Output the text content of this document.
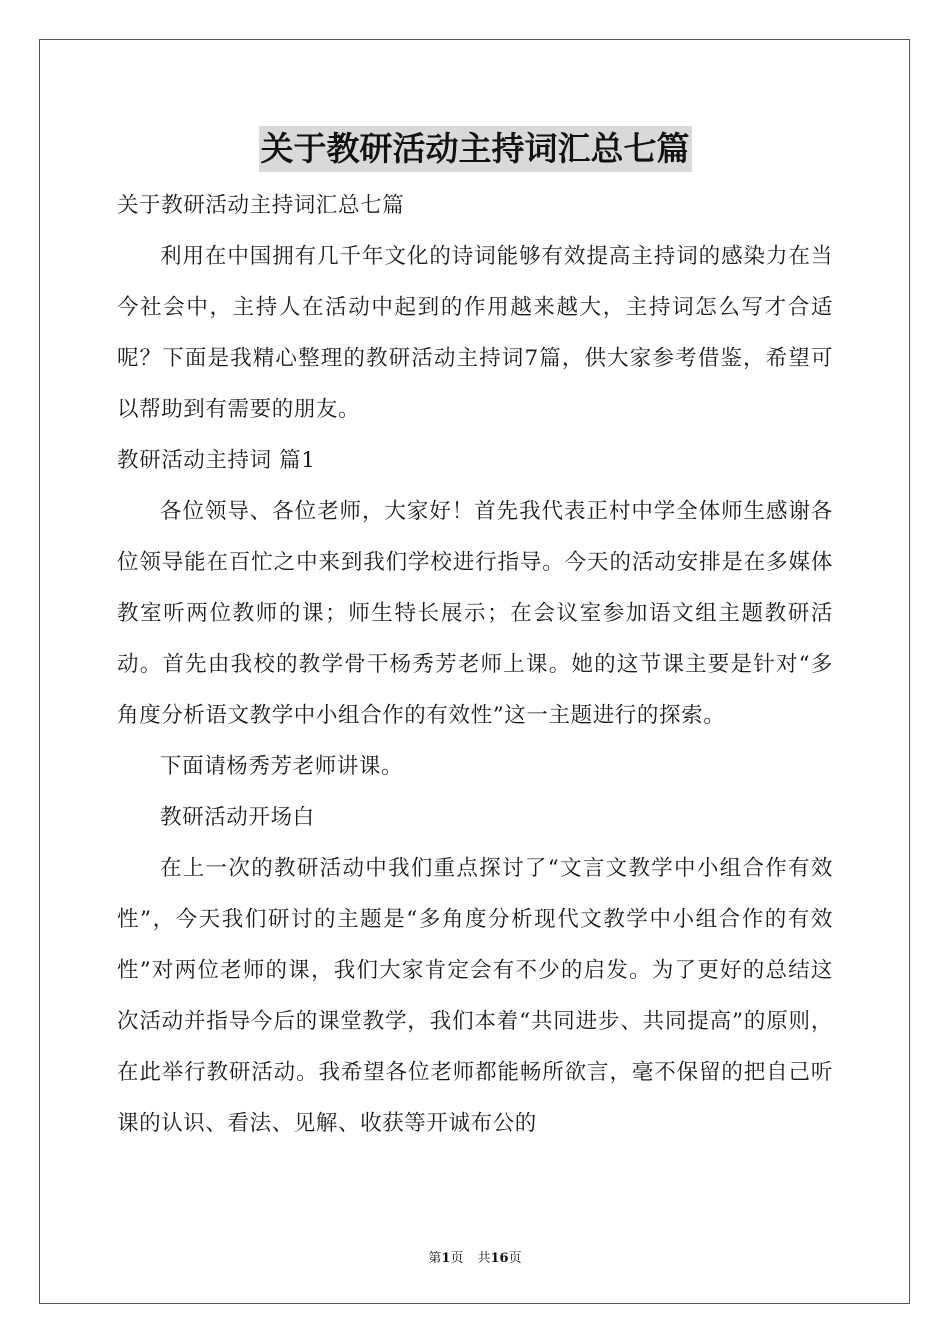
关于教研活动主持词汇总七篇
关于教研活动主持词汇总七篇
利用在中国拥有几千年文化的诗词能够有效提高主持词的感染力在当今社会中，主持人在活动中起到的作用越来越大，主持词怎么写才合适呢？下面是我精心整理的教研活动主持词7篇，供大家参考借鉴，希望可以帮助到有需要的朋友。
教研活动主持词 篇1
各位领导、各位老师，大家好！首先我代表正村中学全体师生感谢各位领导能在百忙之中来到我们学校进行指导。今天的活动安排是在多媒体教室听两位教师的课；师生特长展示；在会议室参加语文组主题教研活动。首先由我校的教学骨干杨秀芳老师上课。她的这节课主要是针对“多角度分析语文教学中小组合作的有效性”这一主题进行的探索。
下面请杨秀芳老师讲课。
教研活动开场白
在上一次的教研活动中我们重点探讨了“文言文教学中小组合作有效性”，今天我们研讨的主题是“多角度分析现代文教学中小组合作的有效性”对两位老师的课，我们大家肯定会有不少的启发。为了更好的总结这次活动并指导今后的课堂教学，我们本着“共同进步、共同提高”的原则，在此举行教研活动。我希望各位老师都能畅所欲言，毫不保留的把自己听课的认识、看法、见解、收获等开诚布公的
第1页 共16页
